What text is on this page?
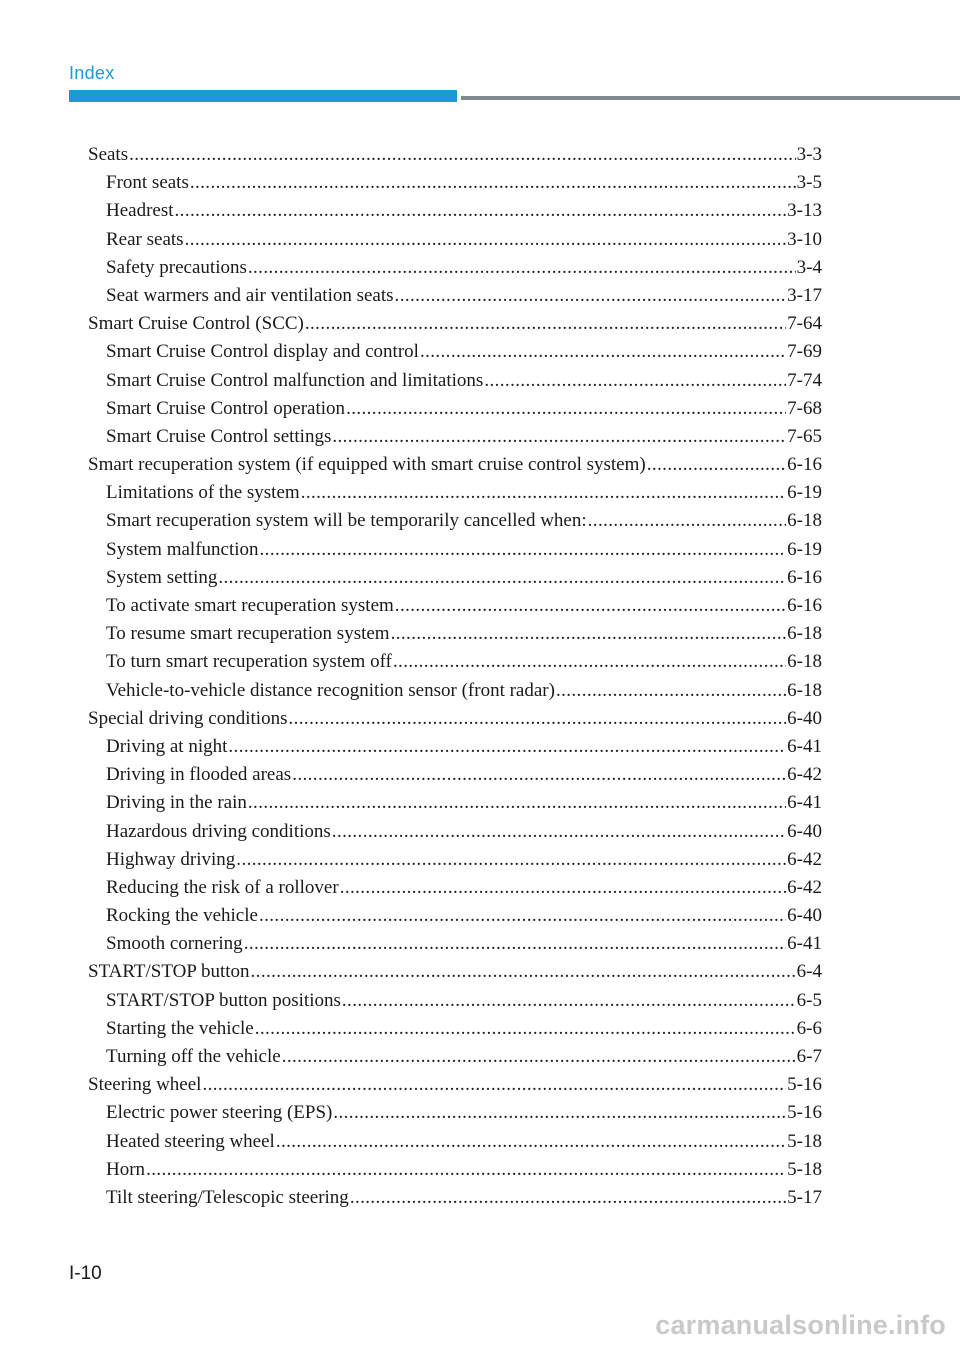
Index
Seats .....	3-3
Front seats .....	3-5
Headrest .....	3-13
Rear seats .....	3-10
Safety precautions .....	3-4
Seat warmers and air ventilation seats .....	3-17
Smart Cruise Control (SCC) .....	7-64
Smart Cruise Control display and control .....	7-69
Smart Cruise Control malfunction and limitations .....	7-74
Smart Cruise Control operation .....	7-68
Smart Cruise Control settings .....	7-65
Smart recuperation system (if equipped with smart cruise control system) .....	6-16
Limitations of the system .....	6-19
Smart recuperation system will be temporarily cancelled when: .....	6-18
System malfunction .....	6-19
System setting .....	6-16
To activate smart recuperation system .....	6-16
To resume smart recuperation system .....	6-18
To turn smart recuperation system off .....	6-18
Vehicle-to-vehicle distance recognition sensor (front radar) .....	6-18
Special driving conditions .....	6-40
Driving at night .....	6-41
Driving in flooded areas .....	6-42
Driving in the rain .....	6-41
Hazardous driving conditions .....	6-40
Highway driving .....	6-42
Reducing the risk of a rollover .....	6-42
Rocking the vehicle .....	6-40
Smooth cornering .....	6-41
START/STOP button .....	6-4
START/STOP button positions .....	6-5
Starting the vehicle .....	6-6
Turning off the vehicle .....	6-7
Steering wheel .....	5-16
Electric power steering (EPS) .....	5-16
Heated steering wheel .....	5-18
Horn .....	5-18
Tilt steering/Telescopic steering .....	5-17
I-10
carmanualsonline.info
